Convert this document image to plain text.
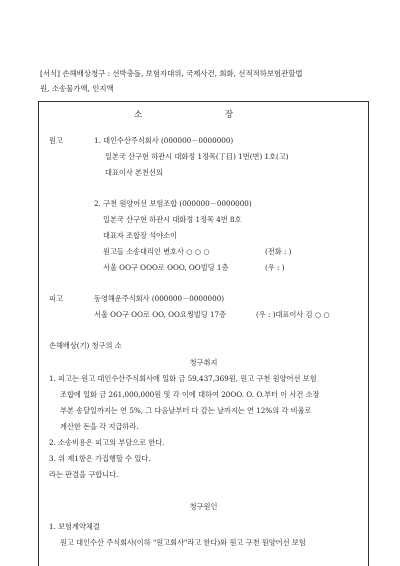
[서식] 손해배상청구 : 선박충돌, 보험자대위, 국제사건, 회화, 선적적하보험관할법
원, 소송물가액, 인지액
소 장
원고	1. 대인수산주식회사 (000000－0000000)
일본국 산구현 하관시 대화정 1정목(丁目) 1번(번) 1호(고)
대표이사 본천선의
2. 구천 원양어선 보험조합 (000000－0000000)
일본국 산구현 하관시 대화정 1정목 4번 8호
대표자 조합장 석야소이
원고들 소송대리인 변호사 ○ ○ ○	(전화 : )
서울 OO구 OOO로 OOO, OO빌딩 1층	(우 : )
피고	동영해운주식회사 (000000－0000000)
서울 OO구 OO로 OO, OO요찡빌딩 17층	(우 : )대표이사 김 ○ ○
손해배상(기) 청구의 소
청구취지
1. 피고는 원고 대인수산주식회사에 일화 금 59,437,369원, 원고 구천 원양어선 보험
조합에 일화 금 261,000,000원 및 각 이에 대하여 20OO. O. O.부터 이 사건 소장
부본 송달일까지는 연 5%, 그 다음날부터 다 갚는 날까지는 연 12%의 각 비율로
계산한 돈을 각 지급하라.
2. 소송비용은 피고의 부담으로 한다.
3. 위 제1항은 가집행할 수 있다.
라는 판결을 구합니다.
청구원인
1. 보험계약체결
원고 대인수산 주식회사(이하 "원고회사"라고 한다)와 원고 구천 원양어선 보험
